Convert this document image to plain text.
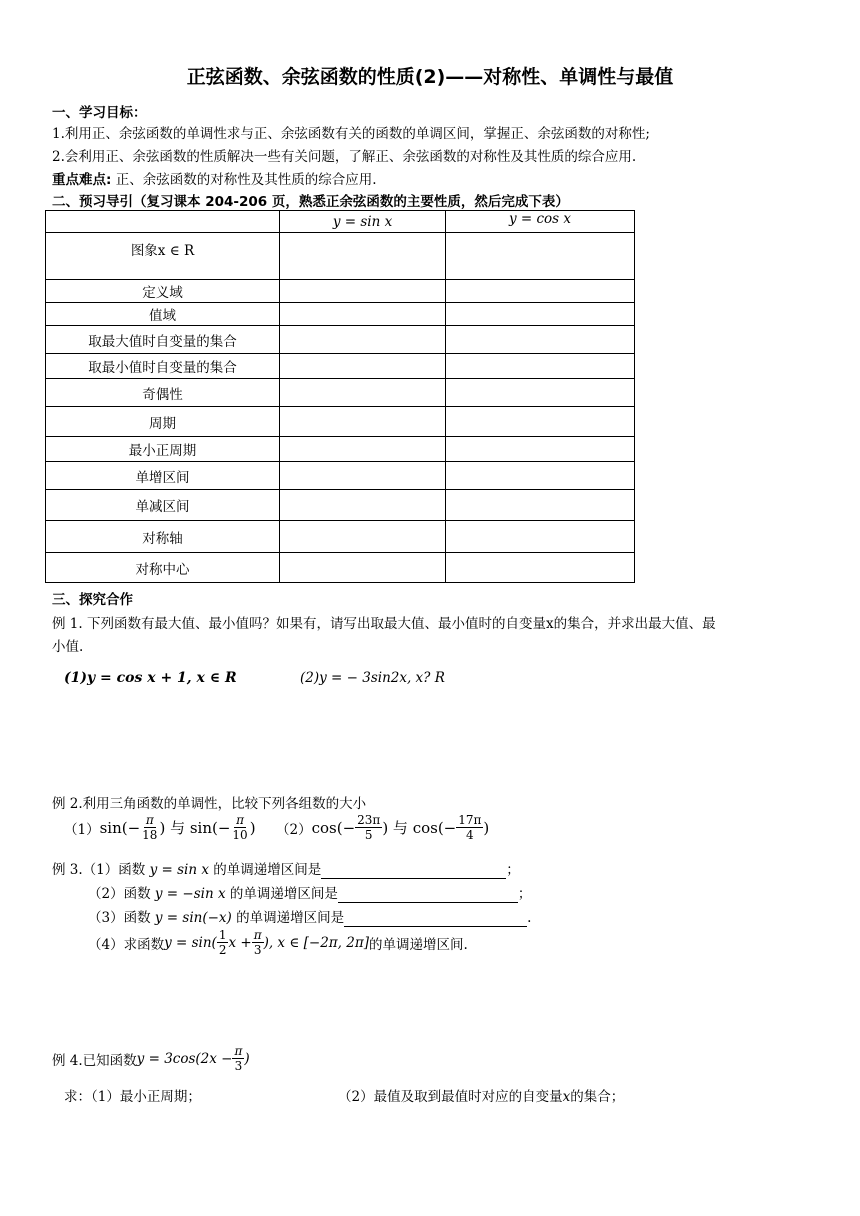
正弦函数、余弦函数的性质(2)——对称性、单调性与最值
一、学习目标：
1.利用正、余弦函数的单调性求与正、余弦函数有关的函数的单调区间，掌握正、余弦函数的对称性;
2.会利用正、余弦函数的性质解决一些有关问题，了解正、余弦函数的对称性及其性质的综合应用.
重点难点: 正、余弦函数的对称性及其性质的综合应用.
二、预习导引（复习课本 204-206 页，熟悉正余弦函数的主要性质，然后完成下表）
	y = sin x	y = cos x
图象x ∈ R		
定义域		
值域		
取最大值时自变量的集合		
取最小值时自变量的集合		
奇偶性		
周期		
最小正周期		
单增区间		
单减区间		
对称轴		
对称中心		
三、探究合作
例 1. 下列函数有最大值、最小值吗？如果有，请写出取最大值、最小值时的自变量x的集合，并求出最大值、最
小值.
(1)y = cos x + 1, x ∈ R	(2)y = − 3sin2x, x? R
例 2.利用三角函数的单调性，比较下列各组数的大小
（1） $\sin(- \frac{\pi}{18}$ ) 与 $\sin(- \frac{\pi}{10}$ ) （2） $\cos(- \frac{23\pi}{5}$ ) 与 $\cos(- \frac{17\pi}{4}$ )
例 3.（1）函数 y = sin x 的单调递增区间是	；
（2）函数 y = −sin x 的单调递增区间是	；
（3）函数 y = sin(−x) 的单调递增区间是	.
（4）求函数 $y = \sin( \frac{1}{2}$ $x + \frac{\pi}{3}$ ), x ∈ [−2π, 2π] 的单调递增区间.
例 4.已知函数 $y = 3\cos(2x - \frac{\pi}{3}$ )
求：（1）最小正周期；	（2）最值及取到最值时对应的自变量x的集合；
